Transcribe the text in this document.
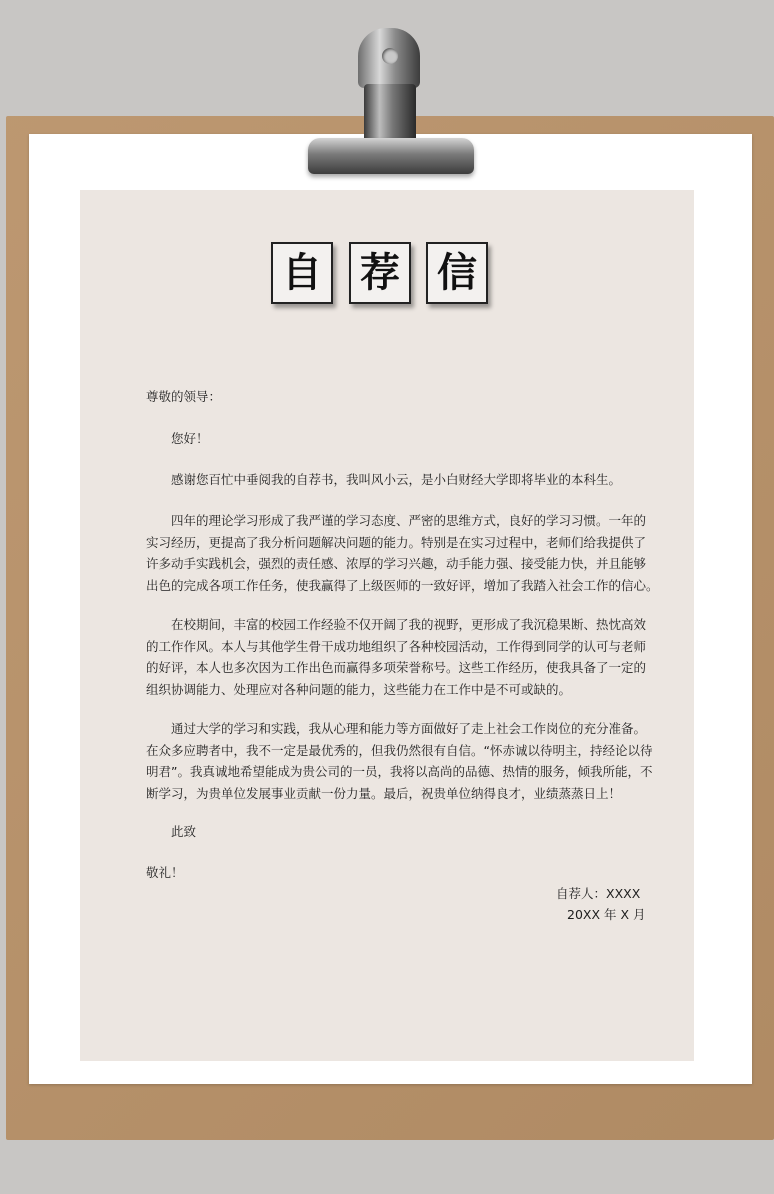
自 荐 信
尊敬的领导：
您好！
感谢您百忙中垂阅我的自荐书，我叫风小云，是小白财经大学即将毕业的本科生。
四年的理论学习形成了我严谨的学习态度、严密的思维方式，良好的学习习惯。一年的
实习经历，更提高了我分析问题解决问题的能力。特别是在实习过程中，老师们给我提供了
许多动手实践机会，强烈的责任感、浓厚的学习兴趣，动手能力强、接受能力快，并且能够
出色的完成各项工作任务，使我赢得了上级医师的一致好评，增加了我踏入社会工作的信心。
在校期间，丰富的校园工作经验不仅开阔了我的视野，更形成了我沉稳果断、热忱高效
的工作作风。本人与其他学生骨干成功地组织了各种校园活动，工作得到同学的认可与老师
的好评，本人也多次因为工作出色而赢得多项荣誉称号。这些工作经历，使我具备了一定的
组织协调能力、处理应对各种问题的能力，这些能力在工作中是不可或缺的。
通过大学的学习和实践，我从心理和能力等方面做好了走上社会工作岗位的充分准备。
在众多应聘者中，我不一定是最优秀的，但我仍然很有自信。“怀赤诚以待明主，持经论以待
明君”。我真诚地希望能成为贵公司的一员，我将以高尚的品德、热情的服务，倾我所能，不
断学习，为贵单位发展事业贡献一份力量。最后，祝贵单位纳得良才，业绩蒸蒸日上！
此致
敬礼！
自荐人：XXXX
20XX 年 X 月
